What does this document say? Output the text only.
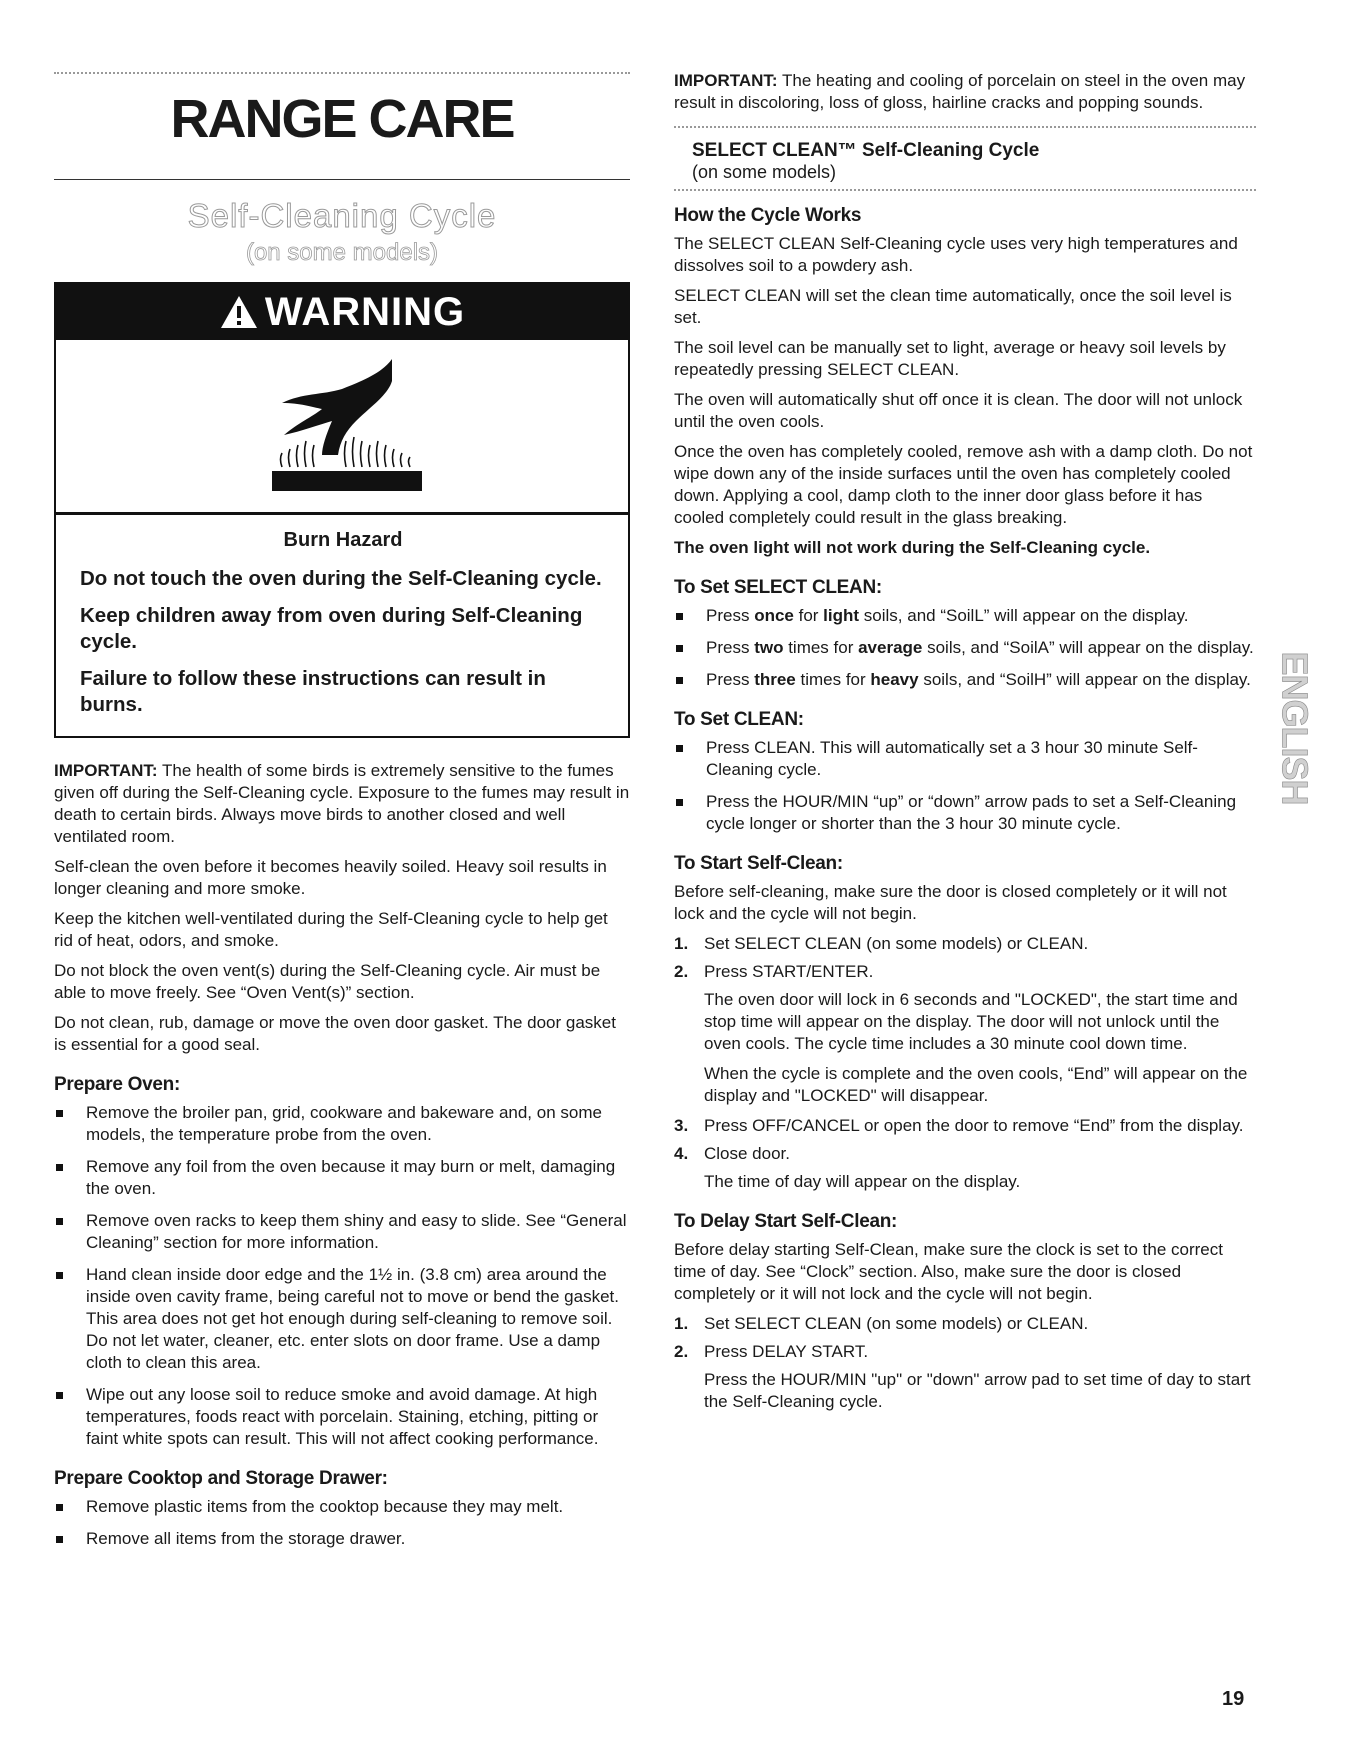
RANGE CARE
Self-Cleaning Cycle
(on some models)
WARNING
Burn Hazard
Do not touch the oven during the Self-Cleaning cycle.
Keep children away from oven during Self-Cleaning cycle.
Failure to follow these instructions can result in burns.

IMPORTANT: The health of some birds is extremely sensitive to the fumes given off during the Self-Cleaning cycle. Exposure to the fumes may result in death to certain birds. Always move birds to another closed and well ventilated room.

Self-clean the oven before it becomes heavily soiled. Heavy soil results in longer cleaning and more smoke.

Keep the kitchen well-ventilated during the Self-Cleaning cycle to help get rid of heat, odors, and smoke.

Do not block the oven vent(s) during the Self-Cleaning cycle. Air must be able to move freely. See “Oven Vent(s)” section.

Do not clean, rub, damage or move the oven door gasket. The door gasket is essential for a good seal.

Prepare Oven:
Remove the broiler pan, grid, cookware and bakeware and, on some models, the temperature probe from the oven.
Remove any foil from the oven because it may burn or melt, damaging the oven.
Remove oven racks to keep them shiny and easy to slide. See “General Cleaning” section for more information.
Hand clean inside door edge and the 1½ in. (3.8 cm) area around the inside oven cavity frame, being careful not to move or bend the gasket. This area does not get hot enough during self-cleaning to remove soil. Do not let water, cleaner, etc. enter slots on door frame. Use a damp cloth to clean this area.
Wipe out any loose soil to reduce smoke and avoid damage. At high temperatures, foods react with porcelain. Staining, etching, pitting or faint white spots can result. This will not affect cooking performance.
Prepare Cooktop and Storage Drawer:
Remove plastic items from the cooktop because they may melt.
Remove all items from the storage drawer.

IMPORTANT: The heating and cooling of porcelain on steel in the oven may result in discoloring, loss of gloss, hairline cracks and popping sounds.

SELECT CLEAN™ Self-Cleaning Cycle
(on some models)
How the Cycle Works

The SELECT CLEAN Self-Cleaning cycle uses very high temperatures and dissolves soil to a powdery ash.

SELECT CLEAN will set the clean time automatically, once the soil level is set.

The soil level can be manually set to light, average or heavy soil levels by repeatedly pressing SELECT CLEAN.

The oven will automatically shut off once it is clean. The door will not unlock until the oven cools.

Once the oven has completely cooled, remove ash with a damp cloth. Do not wipe down any of the inside surfaces until the oven has completely cooled down. Applying a cool, damp cloth to the inner door glass before it has cooled completely could result in the glass breaking.

The oven light will not work during the Self-Cleaning cycle.

To Set SELECT CLEAN:
Press once for light soils, and “SoilL” will appear on the display.
Press two times for average soils, and “SoilA” will appear on the display.
Press three times for heavy soils, and “SoilH” will appear on the display.
To Set CLEAN:
Press CLEAN. This will automatically set a 3 hour 30 minute Self-Cleaning cycle.
Press the HOUR/MIN “up” or “down” arrow pads to set a Self-Cleaning cycle longer or shorter than the 3 hour 30 minute cycle.
To Start Self-Clean:

Before self-cleaning, make sure the door is closed completely or it will not lock and the cycle will not begin.

1. Set SELECT CLEAN (on some models) or CLEAN.
2. Press START/ENTER.

The oven door will lock in 6 seconds and "LOCKED", the start time and stop time will appear on the display. The door will not unlock until the oven cools. The cycle time includes a 30 minute cool down time.

When the cycle is complete and the oven cools, “End” will appear on the display and "LOCKED" will disappear.

3. Press OFF/CANCEL or open the door to remove “End” from the display.
4. Close door.

The time of day will appear on the display.

To Delay Start Self-Clean:

Before delay starting Self-Clean, make sure the clock is set to the correct time of day. See “Clock” section. Also, make sure the door is closed completely or it will not lock and the cycle will not begin.

1. Set SELECT CLEAN (on some models) or CLEAN.
2. Press DELAY START.

Press the HOUR/MIN "up" or "down" arrow pad to set time of day to start the Self-Cleaning cycle.

ENGLISH
19
